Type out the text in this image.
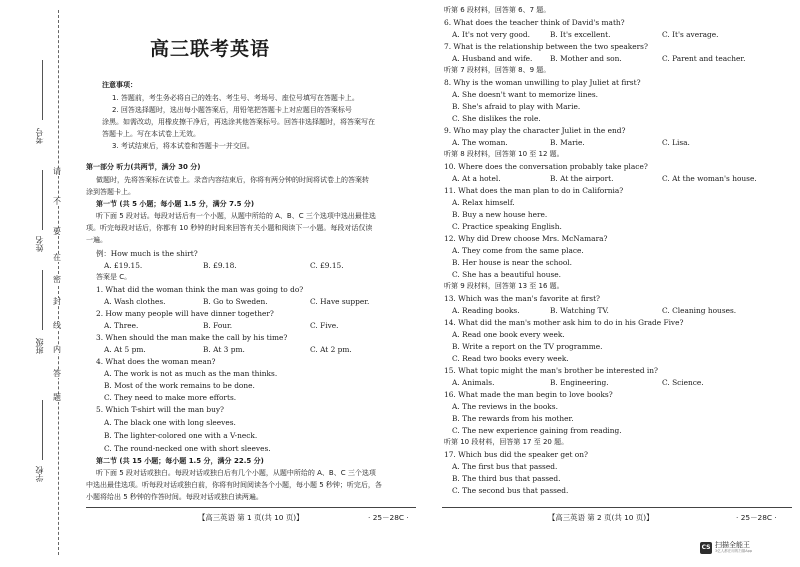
请
不
要
在
密
封
线
内
答
题
考号
姓名
班级
学校
高三联考英语
注意事项：
1. 答题前，考生务必将自己的姓名、考生号、考场号、座位号填写在答题卡上。
2. 回答选择题时，选出每小题答案后，用铅笔把答题卡上对应题目的答案标号
涂黑。如需改动，用橡皮擦干净后，再选涂其他答案标号。回答非选择题时，将答案写在
答题卡上。写在本试卷上无效。
3. 考试结束后，将本试卷和答题卡一并交回。
第一部分 听力(共两节，满分 30 分)
做题时，先将答案标在试卷上。录音内容结束后，你将有两分钟的时间将试卷上的答案转
涂到答题卡上。
第一节 (共 5 小题；每小题 1.5 分，满分 7.5 分)
听下面 5 段对话。每段对话后有一个小题，从题中所给的 A、B、C 三个选项中选出最佳选
项。听完每段对话后，你都有 10 秒钟的时间来回答有关小题和阅读下一小题。每段对话仅读
一遍。
例：How much is the shirt?
A. £19.15.	B. £9.18.	C. £9.15.
答案是 C。
1. What did the woman think the man was going to do?
A. Wash clothes.	B. Go to Sweden.	C. Have supper.
2. How many people will have dinner together?
A. Three.	B. Four.	C. Five.
3. When should the man make the call by his time?
A. At 5 pm.	B. At 3 pm.	C. At 2 pm.
4. What does the woman mean?
A. The work is not as much as the man thinks.
B. Most of the work remains to be done.
C. They need to make more efforts.
5. Which T-shirt will the man buy?
A. The black one with long sleeves.
B. The lighter-colored one with a V-neck.
C. The round-necked one with short sleeves.
第二节 (共 15 小题；每小题 1.5 分，满分 22.5 分)
听下面 5 段对话或独白。每段对话或独白后有几个小题，从题中所给的 A、B、C 三个选项
中选出最佳选项。听每段对话或独白前，你将有时间阅读各个小题，每小题 5 秒钟；听完后，各
小题将给出 5 秒钟的作答时间。每段对话或独白读两遍。
【高三英语 第 1 页(共 10 页)】	· 25－28C ·
听第 6 段材料，回答第 6、7 题。
6. What does the teacher think of David's math?
A. It's not very good.	B. It's excellent.	C. It's average.
7. What is the relationship between the two speakers?
A. Husband and wife. B. Mother and son.	C. Parent and teacher.
听第 7 段材料，回答第 8、9 题。
8. Why is the woman unwilling to play Juliet at first?
A. She doesn't want to memorize lines.
B. She's afraid to play with Marie.
C. She dislikes the role.
9. Who may play the character Juliet in the end?
A. The woman.	B. Marie.	C. Lisa.
听第 8 段材料，回答第 10 至 12 题。
10. Where does the conversation probably take place?
A. At a hotel.	B. At the airport.	C. At the woman's house.
11. What does the man plan to do in California?
A. Relax himself.
B. Buy a new house here.
C. Practice speaking English.
12. Why did Drew choose Mrs. McNamara?
A. They come from the same place.
B. Her house is near the school.
C. She has a beautiful house.
听第 9 段材料，回答第 13 至 16 题。
13. Which was the man's favorite at first?
A. Reading books.	B. Watching TV.	C. Cleaning houses.
14. What did the man's mother ask him to do in his Grade Five?
A. Read one book every week.
B. Write a report on the TV programme.
C. Read two books every week.
15. What topic might the man's brother be interested in?
A. Animals.	B. Engineering.	C. Science.
16. What made the man begin to love books?
A. The reviews in the books.
B. The rewards from his mother.
C. The new experience gaining from reading.
听第 10 段材料，回答第 17 至 20 题。
17. Which bus did the speaker get on?
A. The first bus that passed.
B. The third bus that passed.
C. The second bus that passed.
【高三英语 第 2 页(共 10 页)】	· 25－28C ·
CS 扫描全能王
3亿人都在用的扫描App
